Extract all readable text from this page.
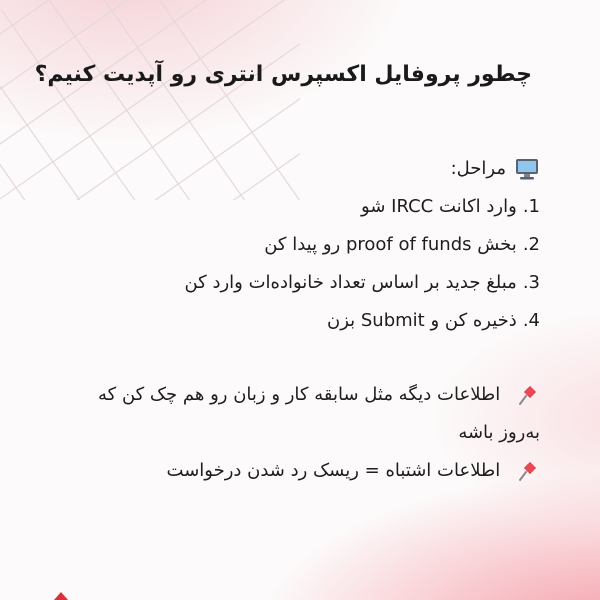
چطور پروفایل اکسپرس انتری رو آپدیت کنیم؟
مراحل:
1.
وارد اکانت IRCC شو
2.
بخش proof of funds رو پیدا کن
3.
مبلغ جدید بر اساس تعداد خانواده‌ات وارد کن
4.
ذخیره کن و Submit بزن
اطلاعات دیگه مثل سابقه کار و زبان رو هم چک کن که به‌روز باشه
اطلاعات اشتباه = ریسک رد شدن درخواست
